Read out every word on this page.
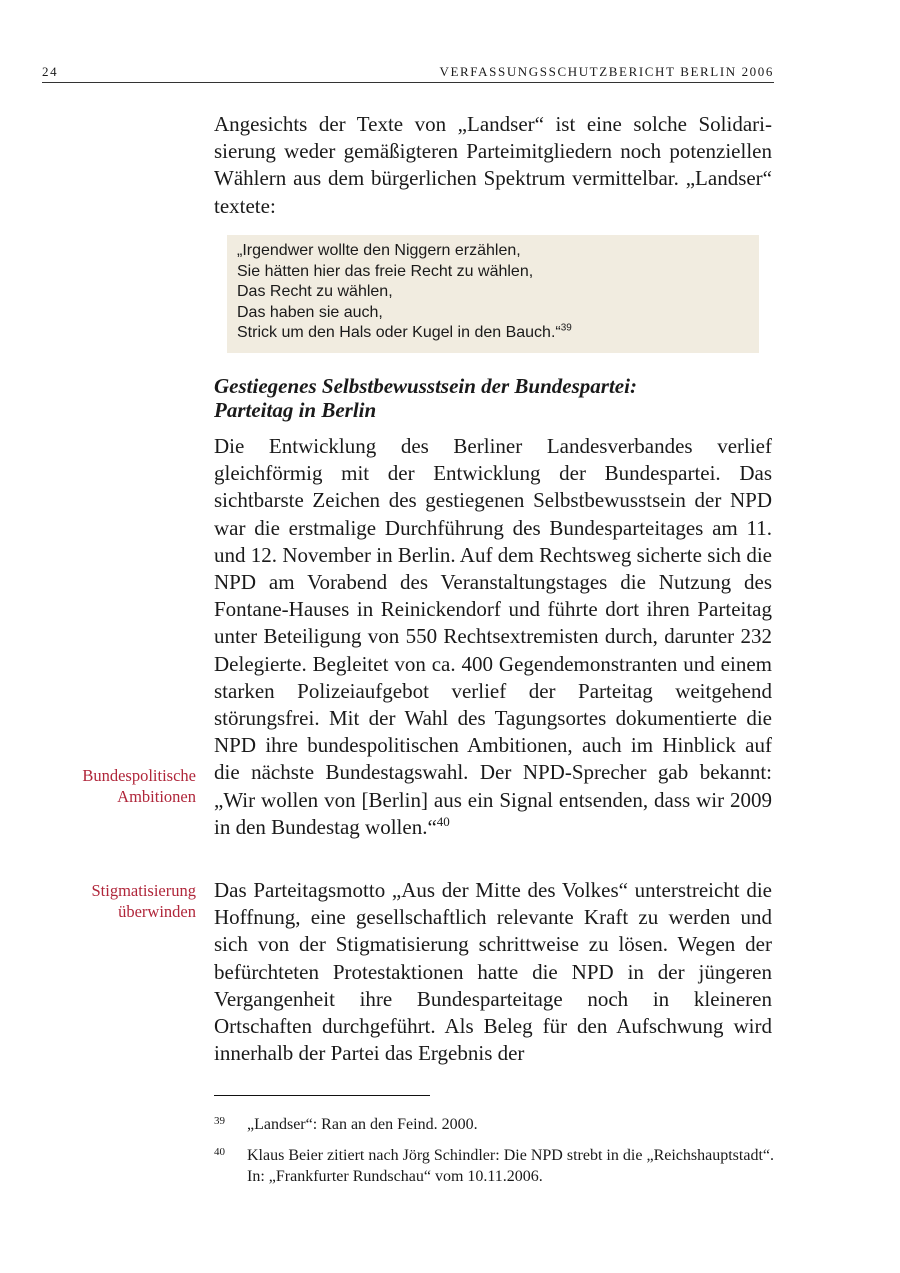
24	VERFASSUNGSSCHUTZBERICHT BERLIN 2006

Angesichts der Texte von „Landser“ ist eine solche Solidarisierung weder gemäßigteren Parteimitgliedern noch potenziellen Wählern aus dem bürgerlichen Spektrum vermittelbar. „Landser“ textete:

„Irgendwer wollte den Niggern erzählen,
Sie hätten hier das freie Recht zu wählen,
Das Recht zu wählen,
Das haben sie auch,
Strick um den Hals oder Kugel in den Bauch.“$^{39}$
Gestiegenes Selbstbewusstsein der Bundespartei:
Parteitag in Berlin

Die Entwicklung des Berliner Landesverbandes verlief gleichförmig mit der Entwicklung der Bundespartei. Das sichtbarste Zeichen des gestiegenen Selbstbewusstsein der NPD war die erstmalige Durchführung des Bundesparteitages am 11. und 12. November in Berlin. Auf dem Rechtsweg sicherte sich die NPD am Vorabend des Veranstaltungstages die Nutzung des Fontane-Hauses in Reinickendorf und führte dort ihren Parteitag unter Beteiligung von 550 Rechtsextremisten durch, darunter 232 Delegierte. Begleitet von ca. 400 Gegendemonstranten und einem starken Polizeiaufgebot verlief der Parteitag weitgehend störungsfrei. Mit der Wahl des Tagungsortes dokumentierte die NPD ihre bundespolitischen Ambitionen, auch im Hinblick auf die nächste Bundestagswahl. Der NPD-Sprecher gab bekannt: „Wir wollen von [Berlin] aus ein Signal entsenden, dass wir 2009 in den Bundestag wollen.“$^{40}$

Bundespolitische
Ambitionen
Stigmatisierung
überwinden

Das Parteitagsmotto „Aus der Mitte des Volkes“ unterstreicht die Hoffnung, eine gesellschaftlich relevante Kraft zu werden und sich von der Stigmatisierung schrittweise zu lösen. Wegen der befürchteten Protestaktionen hatte die NPD in der jüngeren Vergangenheit ihre Bundesparteitage noch in kleineren Ortschaften durchgeführt. Als Beleg für den Aufschwung wird innerhalb der Partei das Ergebnis der

39 „Landser“: Ran an den Feind. 2000.
40 Klaus Beier zitiert nach Jörg Schindler: Die NPD strebt in die „Reichshauptstadt“. In: „Frankfurter Rundschau“ vom 10.11.2006.
